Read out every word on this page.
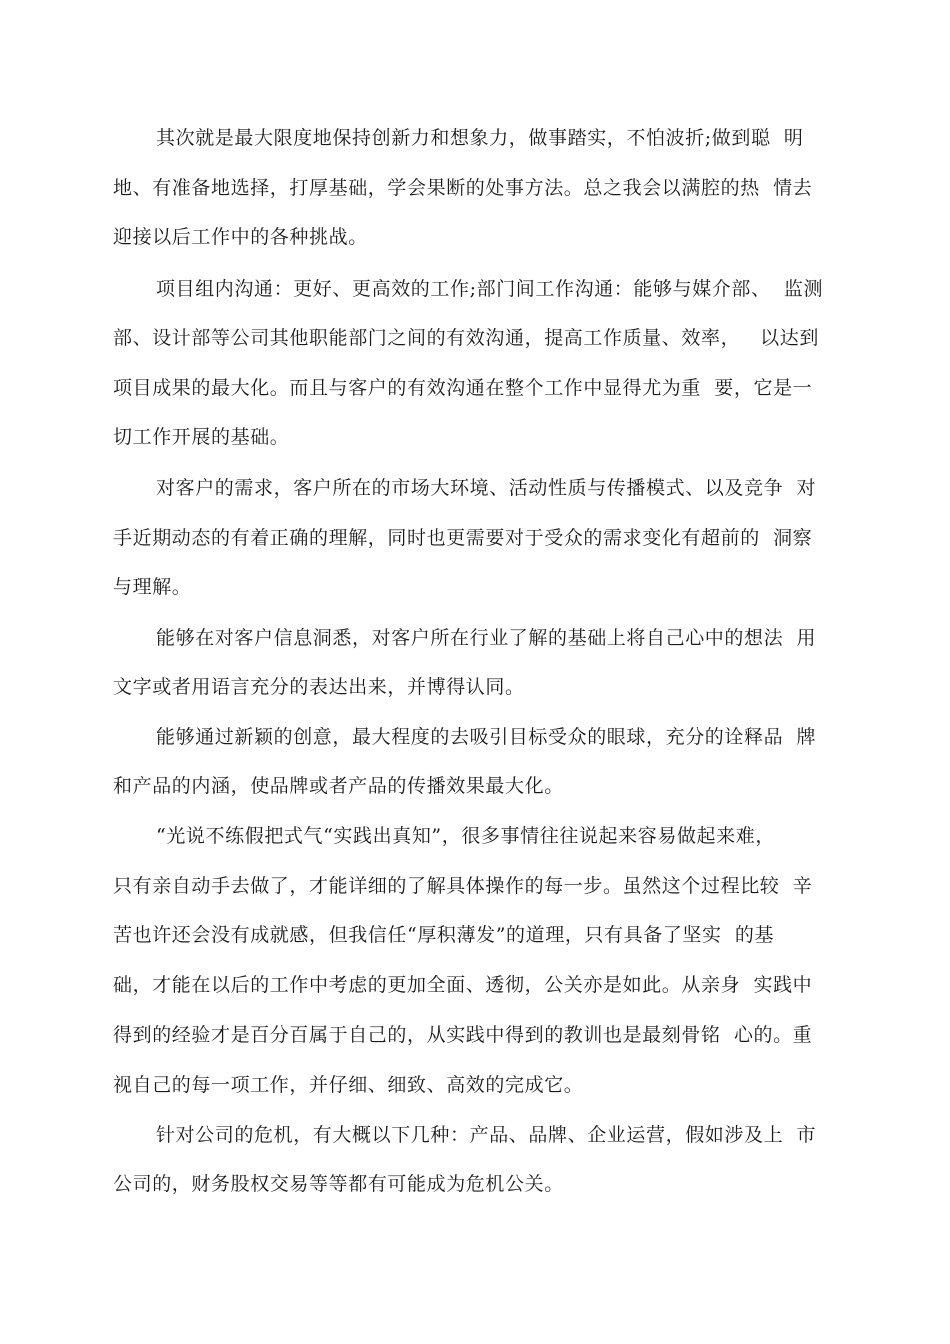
其次就是最大限度地保持创新力和想象力，做事踏实，不怕波折;做到聪  明
地、有准备地选择，打厚基础，学会果断的处事方法。总之我会以满腔的热  情去
迎接以后工作中的各种挑战。
项目组内沟通：更好、更高效的工作;部门间工作沟通：能够与媒介部、  监测
部、设计部等公司其他职能部门之间的有效沟通，提高工作质量、效率，   以达到
项目成果的最大化。而且与客户的有效沟通在整个工作中显得尤为重  要，它是一
切工作开展的基础。
对客户的需求，客户所在的市场大环境、活动性质与传播模式、以及竞争  对
手近期动态的有着正确的理解，同时也更需要对于受众的需求变化有超前的  洞察
与理解。
能够在对客户信息洞悉，对客户所在行业了解的基础上将自己心中的想法  用
文字或者用语言充分的表达出来，并博得认同。
能够通过新颖的创意，最大程度的去吸引目标受众的眼球，充分的诠释品  牌
和产品的内涵，使品牌或者产品的传播效果最大化。
“光说不练假把式气“实践出真知”，很多事情往往说起来容易做起来难，
只有亲自动手去做了，才能详细的了解具体操作的每一步。虽然这个过程比较  辛
苦也许还会没有成就感，但我信任“厚积薄发”的道理，只有具备了坚实  的基
础，才能在以后的工作中考虑的更加全面、透彻，公关亦是如此。从亲身  实践中
得到的经验才是百分百属于自己的，从实践中得到的教训也是最刻骨铭  心的。重
视自己的每一项工作，并仔细、细致、高效的完成它。
针对公司的危机，有大概以下几种：产品、品牌、企业运营，假如涉及上  市
公司的，财务股权交易等等都有可能成为危机公关。
